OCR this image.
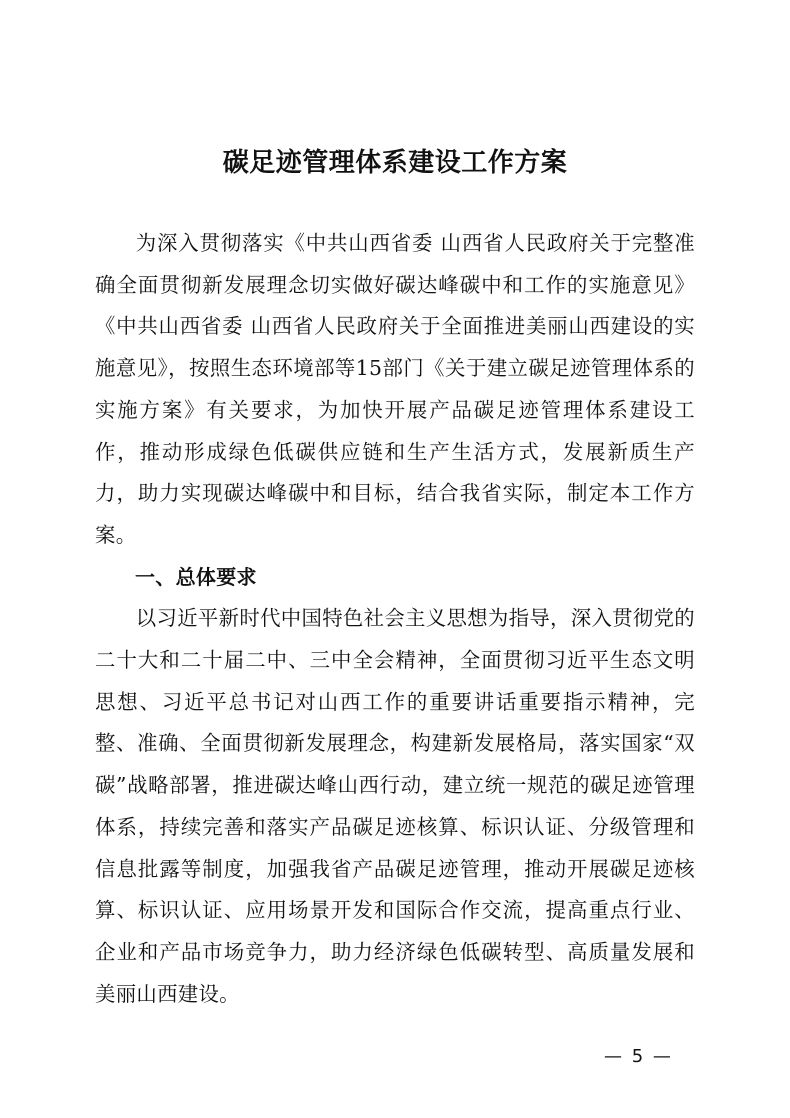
碳足迹管理体系建设工作方案

为深入贯彻落实《中共山西省委 山西省人民政府关于完整准确全面贯彻新发展理念切实做好碳达峰碳中和工作的实施意见》《中共山西省委 山西省人民政府关于全面推进美丽山西建设的实施意见》，按照生态环境部等15部门《关于建立碳足迹管理体系的实施方案》有关要求，为加快开展产品碳足迹管理体系建设工作，推动形成绿色低碳供应链和生产生活方式，发展新质生产力，助力实现碳达峰碳中和目标，结合我省实际，制定本工作方案。

一、总体要求

以习近平新时代中国特色社会主义思想为指导，深入贯彻党的二十大和二十届二中、三中全会精神，全面贯彻习近平生态文明思想、习近平总书记对山西工作的重要讲话重要指示精神，完整、准确、全面贯彻新发展理念，构建新发展格局，落实国家“双碳”战略部署，推进碳达峰山西行动，建立统一规范的碳足迹管理体系，持续完善和落实产品碳足迹核算、标识认证、分级管理和信息批露等制度，加强我省产品碳足迹管理，推动开展碳足迹核算、标识认证、应用场景开发和国际合作交流，提高重点行业、企业和产品市场竞争力，助力经济绿色低碳转型、高质量发展和美丽山西建设。

— 5 —
